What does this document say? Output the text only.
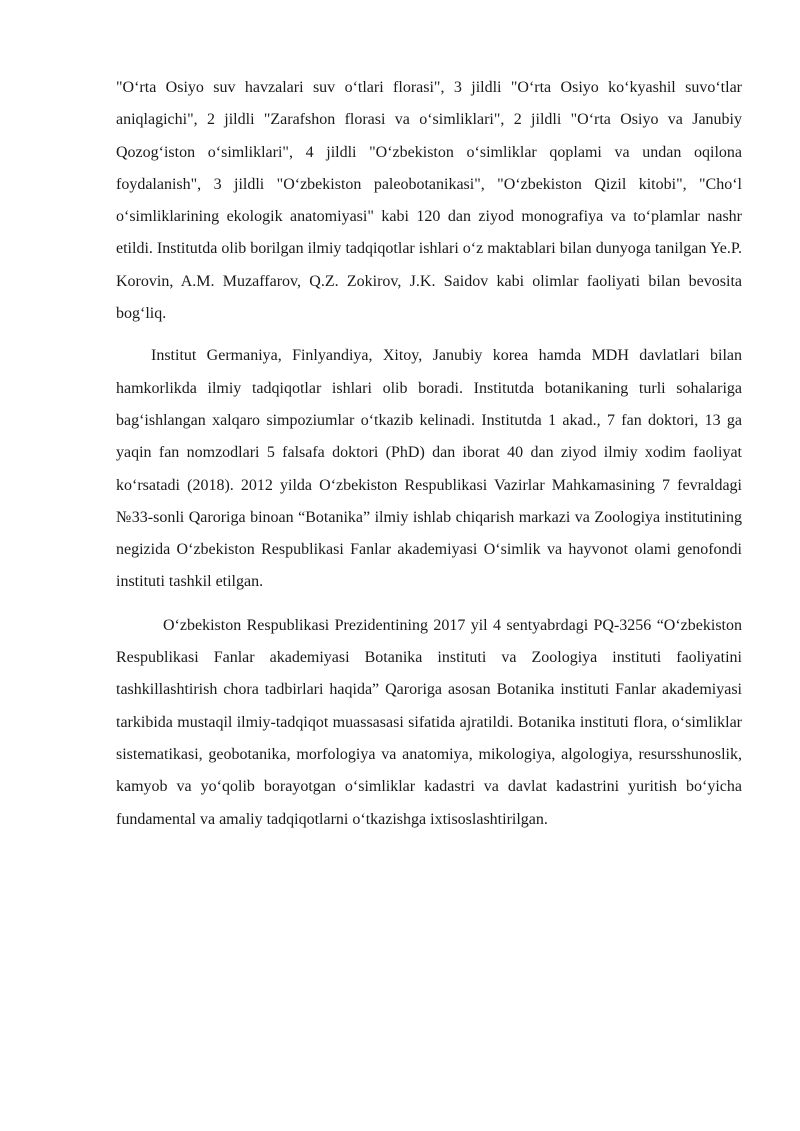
"O‘rta Osiyo suv havzalari suv o‘tlari florasi", 3 jildli "O‘rta Osiyo ko‘kyashil suvo‘tlar aniqlagichi", 2 jildli "Zarafshon florasi va o‘simliklari", 2 jildli "O‘rta Osiyo va Janubiy Qozog‘iston o‘simliklari", 4 jildli "O‘zbekiston o‘simliklar qoplami va undan oqilona foydalanish", 3 jildli "O‘zbekiston paleobotanikasi", "O‘zbekiston Qizil kitobi", "Cho‘l o‘simliklarining ekologik anatomiyasi" kabi 120 dan ziyod monografiya va to‘plamlar nashr etildi. Institutda olib borilgan ilmiy tadqiqotlar ishlari o‘z maktablari bilan dunyoga tanilgan Ye.P. Korovin, A.M. Muzaffarov, Q.Z. Zokirov, J.K. Saidov kabi olimlar faoliyati bilan bevosita bog‘liq.

Institut Germaniya, Finlyandiya, Xitoy, Janubiy korea hamda MDH davlatlari bilan hamkorlikda ilmiy tadqiqotlar ishlari olib boradi. Institutda botanikaning turli sohalariga bag‘ishlangan xalqaro simpoziumlar o‘tkazib kelinadi. Institutda 1 akad., 7 fan doktori, 13 ga yaqin fan nomzodlari 5 falsafa doktori (PhD) dan iborat 40 dan ziyod ilmiy xodim faoliyat ko‘rsatadi (2018). 2012 yilda O‘zbekiston Respublikasi Vazirlar Mahkamasining 7 fevraldagi №33-sonli Qaroriga binoan “Botanika” ilmiy ishlab chiqarish markazi va Zoologiya institutining negizida O‘zbekiston Respublikasi Fanlar akademiyasi O‘simlik va hayvonot olami genofondi instituti tashkil etilgan.

O‘zbekiston Respublikasi Prezidentining 2017 yil 4 sentyabrdagi PQ-3256 “O‘zbekiston Respublikasi Fanlar akademiyasi Botanika instituti va Zoologiya instituti faoliyatini tashkillashtirish chora tadbirlari haqida” Qaroriga asosan Botanika instituti Fanlar akademiyasi tarkibida mustaqil ilmiy-tadqiqot muassasasi sifatida ajratildi. Botanika instituti flora, o‘simliklar sistematikasi, geobotanika, morfologiya va anatomiya, mikologiya, algologiya, resursshunoslik, kamyob va yo‘qolib borayotgan o‘simliklar kadastri va davlat kadastrini yuritish bo‘yicha fundamental va amaliy tadqiqotlarni o‘tkazishga ixtisoslashtirilgan.
